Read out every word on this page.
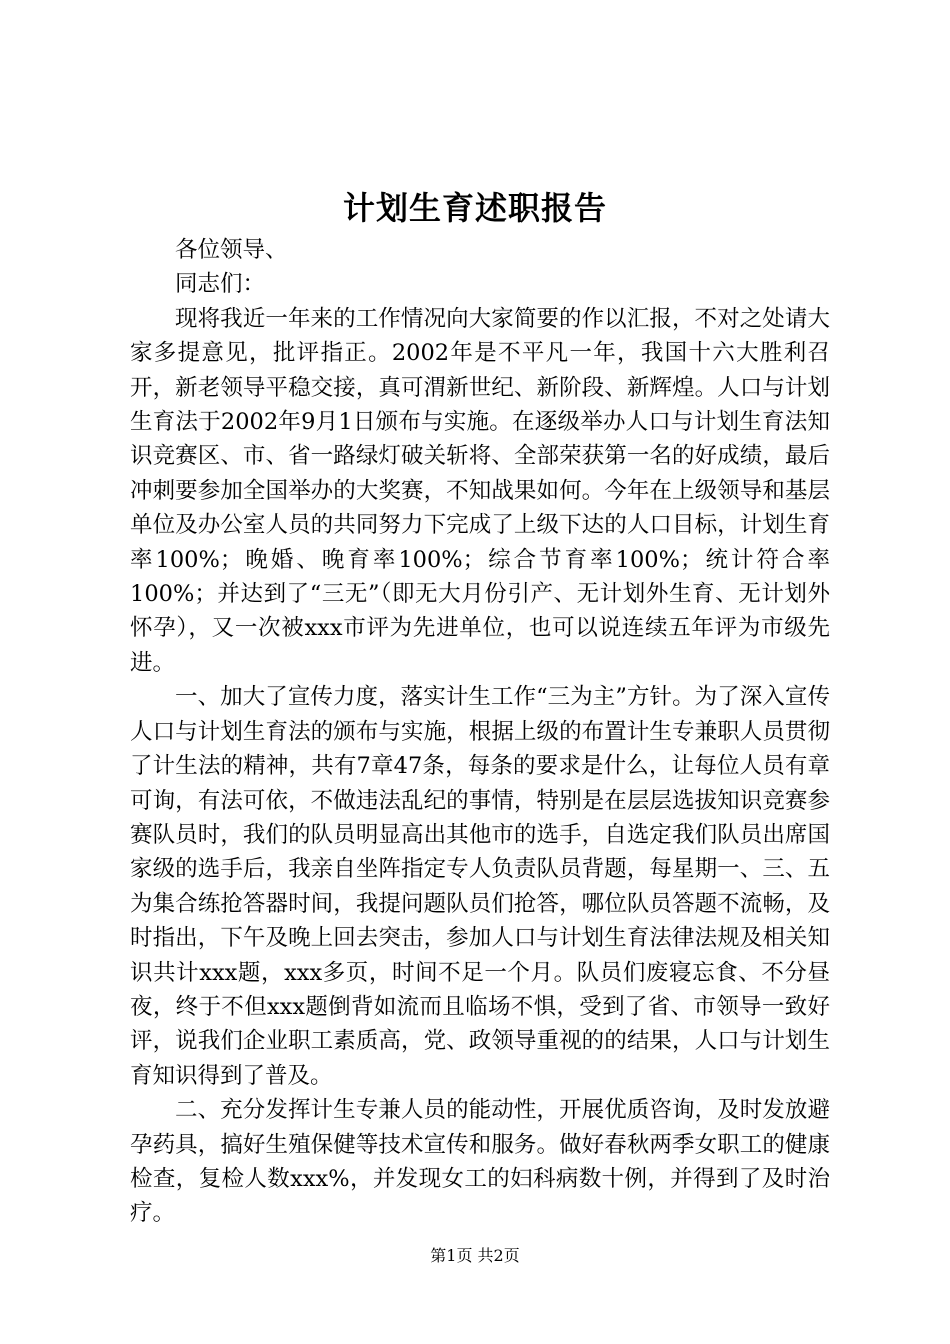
计划生育述职报告

各位领导、

同志们：

现将我近一年来的工作情况向大家简要的作以汇报，不对之处请大家多提意见，批评指正。2002年是不平凡一年，我国十六大胜利召开，新老领导平稳交接，真可渭新世纪、新阶段、新辉煌。人口与计划生育法于2002年9月1日颁布与实施。在逐级举办人口与计划生育法知识竞赛区、市、省一路绿灯破关斩将、全部荣获第一名的好成绩，最后冲刺要参加全国举办的大奖赛，不知战果如何。今年在上级领导和基层单位及办公室人员的共同努力下完成了上级下达的人口目标，计划生育率100%；晚婚、晚育率100%；综合节育率100%；统计符合率100%；并达到了“三无”（即无大月份引产、无计划外生育、无计划外怀孕），又一次被xxx市评为先进单位，也可以说连续五年评为市级先进。

一、加大了宣传力度，落实计生工作“三为主”方针。为了深入宣传人口与计划生育法的颁布与实施，根据上级的布置计生专兼职人员贯彻了计生法的精神，共有7章47条，每条的要求是什么，让每位人员有章可询，有法可依，不做违法乱纪的事情，特别是在层层选拔知识竞赛参赛队员时，我们的队员明显高出其他市的选手，自选定我们队员出席国家级的选手后，我亲自坐阵指定专人负责队员背题，每星期一、三、五为集合练抢答器时间，我提问题队员们抢答，哪位队员答题不流畅，及时指出，下午及晚上回去突击，参加人口与计划生育法律法规及相关知识共计xxx题，xxx多页，时间不足一个月。队员们废寝忘食、不分昼夜，终于不但xxx题倒背如流而且临场不惧，受到了省、市领导一致好评，说我们企业职工素质高，党、政领导重视的的结果，人口与计划生育知识得到了普及。

二、充分发挥计生专兼人员的能动性，开展优质咨询，及时发放避孕药具，搞好生殖保健等技术宣传和服务。做好春秋两季女职工的健康检查，复检人数xxx%，并发现女工的妇科病数十例，并得到了及时治疗。

第1页 共2页
